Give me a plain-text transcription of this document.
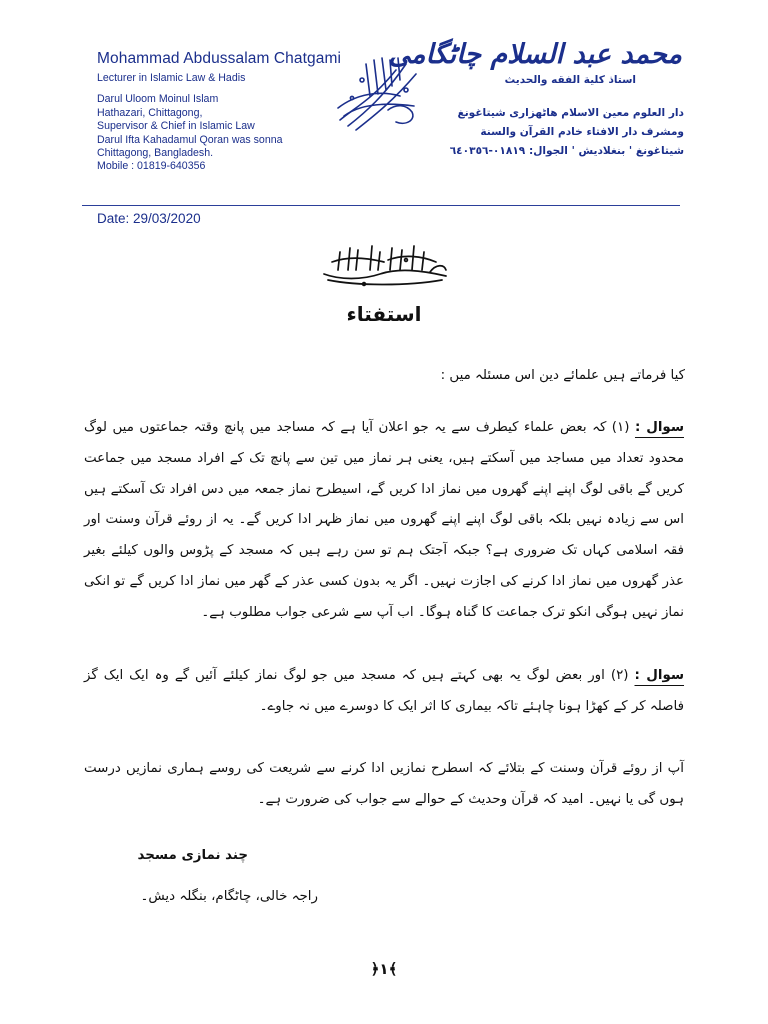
Mohammad Abdussalam Chatgami
Lecturer in Islamic Law & Hadis
Darul Uloom Moinul Islam
Hathazari, Chittagong,
Supervisor & Chief in Islamic Law
Darul Ifta Kahadamul Qoran was sonna
Chittagong, Bangladesh.
Mobile : 01819-640356
محمد عبد السلام چاٹگامی
استاذ كلية الفقه والحديث
دار العلوم معین الاسلام هاٹهزاری شیتاغونغ
ومشرف دار الافتاء خادم القرآن والسنة
شیتاغونغ ' بنغلادیش ' الجوال: ۰۱۸۱۹-٦٤٠٣٥٦
Date: 29/03/2020
استفتاء
کیا فرماتے ہیں علمائے دین اس مسئلہ میں :
سوال : (۱) کہ بعض علماء کیطرف سے یہ جو اعلان آیا ہے کہ مساجد میں پانچ وقتہ جماعتوں میں لوگ محدود تعداد میں مساجد میں آسکتے ہیں، یعنی ہر نماز میں تین سے پانچ تک کے افراد مسجد میں جماعت کریں گے باقی لوگ اپنے اپنے گھروں میں نماز ادا کریں گے، اسیطرح نماز جمعہ میں دس افراد تک آسکتے ہیں اس سے زیادہ نہیں بلکہ باقی لوگ اپنے اپنے گھروں میں نماز ظہر ادا کریں گے۔ یہ از روئے قرآن وسنت اور فقہ اسلامی کہاں تک ضروری ہے؟ جبکہ آجتک ہم تو سن رہے ہیں کہ مسجد کے پڑوس والوں کیلئے بغیر عذر گھروں میں نماز ادا کرنے کی اجازت نہیں۔ اگر یہ بدون کسی عذر کے گھر میں نماز ادا کریں گے تو انکی نماز نہیں ہوگی انکو ترک جماعت کا گناہ ہوگا۔ اب آپ سے شرعی جواب مطلوب ہے۔
سوال : (۲) اور بعض لوگ یہ بھی کہتے ہیں کہ مسجد میں جو لوگ نماز کیلئے آئیں گے وہ ایک ایک گز فاصلہ کر کے کھڑا ہونا چاہئے تاکہ بیماری کا اثر ایک کا دوسرے میں نہ جاوے۔
آپ از روئے قرآن وسنت کے بتلائے کہ اسطرح نمازیں ادا کرنے سے شریعت کی روسے ہماری نمازیں درست ہوں گی یا نہیں۔ امید کہ قرآن وحدیث کے حوالے سے جواب کی ضرورت ہے۔
چند نمازی مسجد
راجہ خالی، چاٹگام، بنگلہ دیش۔
﴿۱﴾
